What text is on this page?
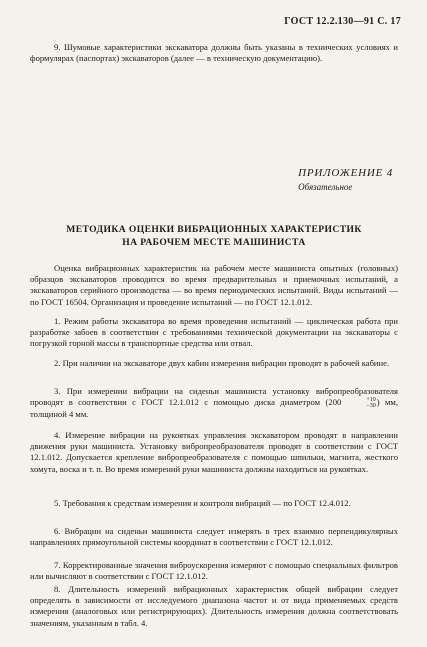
ГОСТ 12.2.130—91 С. 17

9. Шумовые характеристики экскаватора должны быть указаны в технических условиях и формулярах (паспортах) экскаваторов (далее — в техническую документацию).

ПРИЛОЖЕНИЕ 4
Обязательное
МЕТОДИКА ОЦЕНКИ ВИБРАЦИОННЫХ ХАРАКТЕРИСТИК
НА РАБОЧЕМ МЕСТЕ МАШИНИСТА

Оценка вибрационных характеристик на рабочем месте машиниста опытных (головных) образцов экскаваторов проводится во время предварительных и приемочных испытаний, а экскаваторов серийного производства — во время периодических испытаний. Виды испытаний — по ГОСТ 16504. Организация и проведение испытаний — по ГОСТ 12.1.012.

1. Режим работы экскаватора во время проведения испытаний — циклическая работа при разработке забоев в соответствии с требованиями технической документации на экскаваторы с погрузкой горной массы в транспортные средства или отвал.

2. При наличии на экскаваторе двух кабин измерения вибрации проводят в рабочей кабине.

3. При измерении вибрации на сиденьи машиниста установку вибропреобразователя проводят в соответствии с ГОСТ 12.1.012 с помощью диска диаметром (200	+10
−30 ) мм, толщиной 4 мм.

4. Измерение вибрации на рукоятках управления экскаватором проводят в направлении движения руки машиниста. Установку вибропреобразователя проводят в соответствии с ГОСТ 12.1.012. Допускается крепление вибропреобразователя с помощью шпильки, магнита, жесткого хомута, воска и т. п. Во время измерений руки машиниста должны находиться на рукоятках.

5. Требования к средствам измерения и контроля вибраций — по ГОСТ 12.4.012.

6. Вибрации на сиденьи машиниста следует измерять в трех взаимно перпендикулярных направлениях прямоугольной системы координат в соответствии с ГОСТ 12.1.012.

7. Корректированные значения виброускорения измеряют с помощью специальных фильтров или вычисляют в соответствии с ГОСТ 12.1.012.

8. Длительность измерений вибрационных характеристик общей вибрации следует определять в зависимости от исследуемого диапазона частот и от вида применяемых средств измерения (аналоговых или регистрирующих). Длительность измерения должна соответствовать значениям, указанным в табл. 4.
